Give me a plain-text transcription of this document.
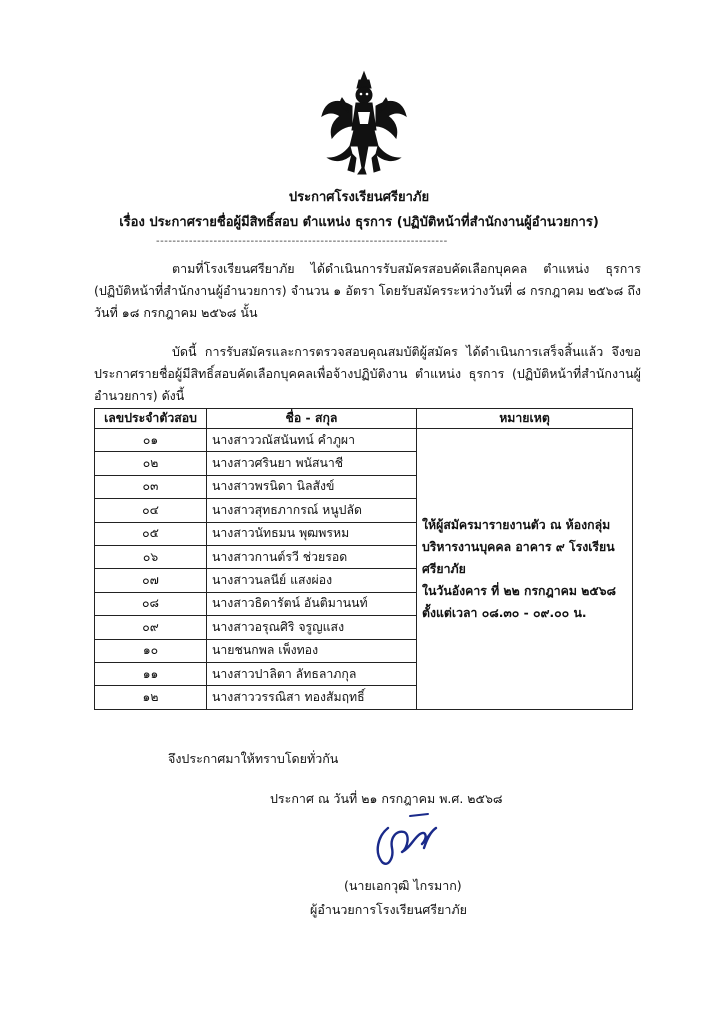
ประกาศโรงเรียนศรียาภัย
เรื่อง ประกาศรายชื่อผู้มีสิทธิ์สอบ ตำแหน่ง ธุรการ (ปฏิบัติหน้าที่สำนักงานผู้อำนวยการ)
-----------------------------------------------------------------------
ตามที่โรงเรียนศรียาภัย ได้ดำเนินการรับสมัครสอบคัดเลือกบุคคล ตำแหน่ง ธุรการ (ปฏิบัติหน้าที่สำนักงานผู้อำนวยการ) จำนวน ๑ อัตรา โดยรับสมัครระหว่างวันที่ ๘ กรกฎาคม ๒๕๖๘ ถึงวันที่ ๑๘ กรกฎาคม ๒๕๖๘ นั้น
บัดนี้ การรับสมัครและการตรวจสอบคุณสมบัติผู้สมัคร ได้ดำเนินการเสร็จสิ้นแล้ว จึงขอประกาศรายชื่อผู้มีสิทธิ์สอบคัดเลือกบุคคลเพื่อจ้างปฏิบัติงาน ตำแหน่ง ธุรการ (ปฏิบัติหน้าที่สำนักงานผู้อำนวยการ) ดังนี้
เลขประจำตัวสอบ	ชื่อ - สกุล	หมายเหตุ
๐๑	นางสาววณัสนันทน์ คำภูผา	ให้ผู้สมัครมารายงานตัว ณ ห้องกลุ่ม
บริหารงานบุคคล อาคาร ๙ โรงเรียนศรียาภัย
ในวันอังคาร ที่ ๒๒ กรกฎาคม ๒๕๖๘
ตั้งแต่เวลา ๐๘.๓๐ - ๐๙.๐๐ น.

๐๒	นางสาวศรินยา พนัสนาชี	
๐๓	นางสาวพรนิดา นิลสังข์	
๐๔	นางสาวสุทธภากรณ์ หนูปลัด	
๐๕	นางสาวนัทธมน พุฒพรหม	
๐๖	นางสาวกานต์รวี ช่วยรอด	
๐๗	นางสาวนลนีย์ แสงผ่อง	
๐๘	นางสาวธิดารัตน์ อันติมานนท์	
๐๙	นางสาวอรุณศิริ จรูญแสง	
๑๐	นายชนกพล เพ็งทอง	
๑๑	นางสาวปาลิตา ลัทธลาภกุล	
๑๒	นางสาววรรณิสา ทองสัมฤทธิ์	
จึงประกาศมาให้ทราบโดยทั่วกัน
ประกาศ ณ วันที่ ๒๑ กรกฎาคม พ.ศ. ๒๕๖๘
(นายเอกวุฒิ ไกรมาก)
ผู้อำนวยการโรงเรียนศรียาภัย
